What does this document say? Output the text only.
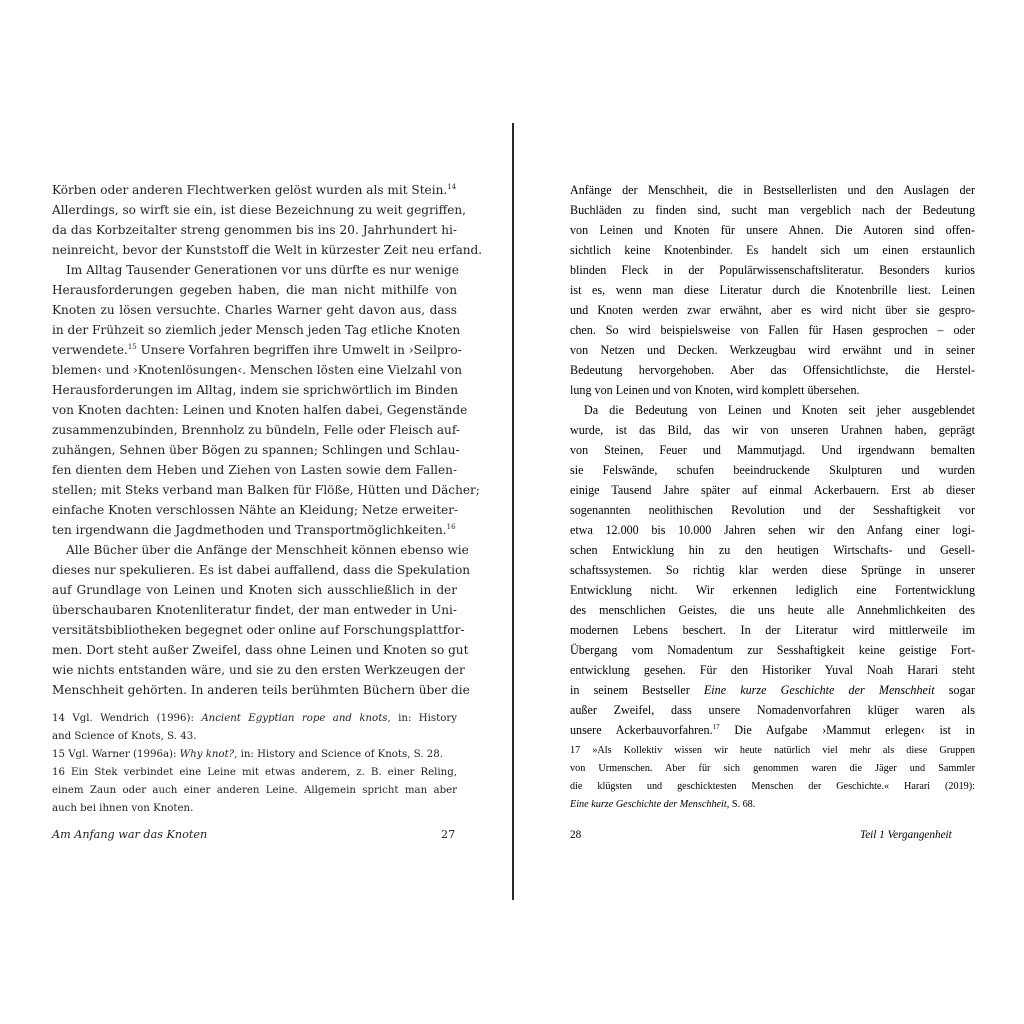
Körben oder anderen Flechtwerken gelöst wurden als mit Stein.$^{14}$
Allerdings, so wirft sie ein, ist diese Bezeichnung zu weit gegriffen,
da das Korbzeitalter streng genommen bis ins 20. Jahrhundert hi-
neinreicht, bevor der Kunststoff die Welt in kürzester Zeit neu erfand.
Im Alltag Tausender Generationen vor uns dürfte es nur wenige
Herausforderungen gegeben haben, die man nicht mithilfe von
Knoten zu lösen versuchte. Charles Warner geht davon aus, dass
in der Frühzeit so ziemlich jeder Mensch jeden Tag etliche Knoten
verwendete.$^{15}$ Unsere Vorfahren begriffen ihre Umwelt in ›Seilpro-
blemen‹ und ›Knotenlösungen‹. Menschen lösten eine Vielzahl von
Herausforderungen im Alltag, indem sie sprichwörtlich im Binden
von Knoten dachten: Leinen und Knoten halfen dabei, Gegenstände
zusammenzubinden, Brennholz zu bündeln, Felle oder Fleisch auf-
zuhängen, Sehnen über Bögen zu spannen; Schlingen und Schlau-
fen dienten dem Heben und Ziehen von Lasten sowie dem Fallen-
stellen; mit Steks verband man Balken für Flöße, Hütten und Dächer;
einfache Knoten verschlossen Nähte an Kleidung; Netze erweiter-
ten irgendwann die Jagdmethoden und Transportmöglichkeiten.$^{16}$
Alle Bücher über die Anfänge der Menschheit können ebenso wie
dieses nur spekulieren. Es ist dabei auffallend, dass die Spekulation
auf Grundlage von Leinen und Knoten sich ausschließlich in der
überschaubaren Knotenliteratur findet, der man entweder in Uni-
versitätsbibliotheken begegnet oder online auf Forschungsplattfor-
men. Dort steht außer Zweifel, dass ohne Leinen und Knoten so gut
wie nichts entstanden wäre, und sie zu den ersten Werkzeugen der
Menschheit gehörten. In anderen teils berühmten Büchern über die
14 Vgl. Wendrich (1996): Ancient Egyptian rope and knots, in: History
and Science of Knots, S. 43.
15 Vgl. Warner (1996a): Why knot?, in: History and Science of Knots, S. 28.
16 Ein Stek verbindet eine Leine mit etwas anderem, z. B. einer Reling,
einem Zaun oder auch einer anderen Leine. Allgemein spricht man aber
auch bei ihnen von Knoten.
Am Anfang war das Knoten	27
Anfänge der Menschheit, die in Bestsellerlisten und den Auslagen der
Buchläden zu finden sind, sucht man vergeblich nach der Bedeutung
von Leinen und Knoten für unsere Ahnen. Die Autoren sind offen-
sichtlich keine Knotenbinder. Es handelt sich um einen erstaunlich
blinden Fleck in der Populärwissenschaftsliteratur. Besonders kurios
ist es, wenn man diese Literatur durch die Knotenbrille liest. Leinen
und Knoten werden zwar erwähnt, aber es wird nicht über sie gespro-
chen. So wird beispielsweise von Fallen für Hasen gesprochen – oder
von Netzen und Decken. Werkzeugbau wird erwähnt und in seiner
Bedeutung hervorgehoben. Aber das Offensichtlichste, die Herstel-
lung von Leinen und von Knoten, wird komplett übersehen.
Da die Bedeutung von Leinen und Knoten seit jeher ausgeblendet
wurde, ist das Bild, das wir von unseren Urahnen haben, geprägt
von Steinen, Feuer und Mammutjagd. Und irgendwann bemalten
sie Felswände, schufen beeindruckende Skulpturen und wurden
einige Tausend Jahre später auf einmal Ackerbauern. Erst ab dieser
sogenannten neolithischen Revolution und der Sesshaftigkeit vor
etwa 12.000 bis 10.000 Jahren sehen wir den Anfang einer logi-
schen Entwicklung hin zu den heutigen Wirtschafts- und Gesell-
schaftssystemen. So richtig klar werden diese Sprünge in unserer
Entwicklung nicht. Wir erkennen lediglich eine Fortentwicklung
des menschlichen Geistes, die uns heute alle Annehmlichkeiten des
modernen Lebens beschert. In der Literatur wird mittlerweile im
Übergang vom Nomadentum zur Sesshaftigkeit keine geistige Fort-
entwicklung gesehen. Für den Historiker Yuval Noah Harari steht
in seinem Bestseller Eine kurze Geschichte der Menschheit sogar
außer Zweifel, dass unsere Nomadenvorfahren klüger waren als
unsere Ackerbauvorfahren.$^{17}$ Die Aufgabe ›Mammut erlegen‹ ist in
17 »Als Kollektiv wissen wir heute natürlich viel mehr als diese Gruppen
von Urmenschen. Aber für sich genommen waren die Jäger und Sammler
die klügsten und geschicktesten Menschen der Geschichte.« Harari (2019):
Eine kurze Geschichte der Menschheit, S. 68.
28	Teil 1 Vergangenheit
